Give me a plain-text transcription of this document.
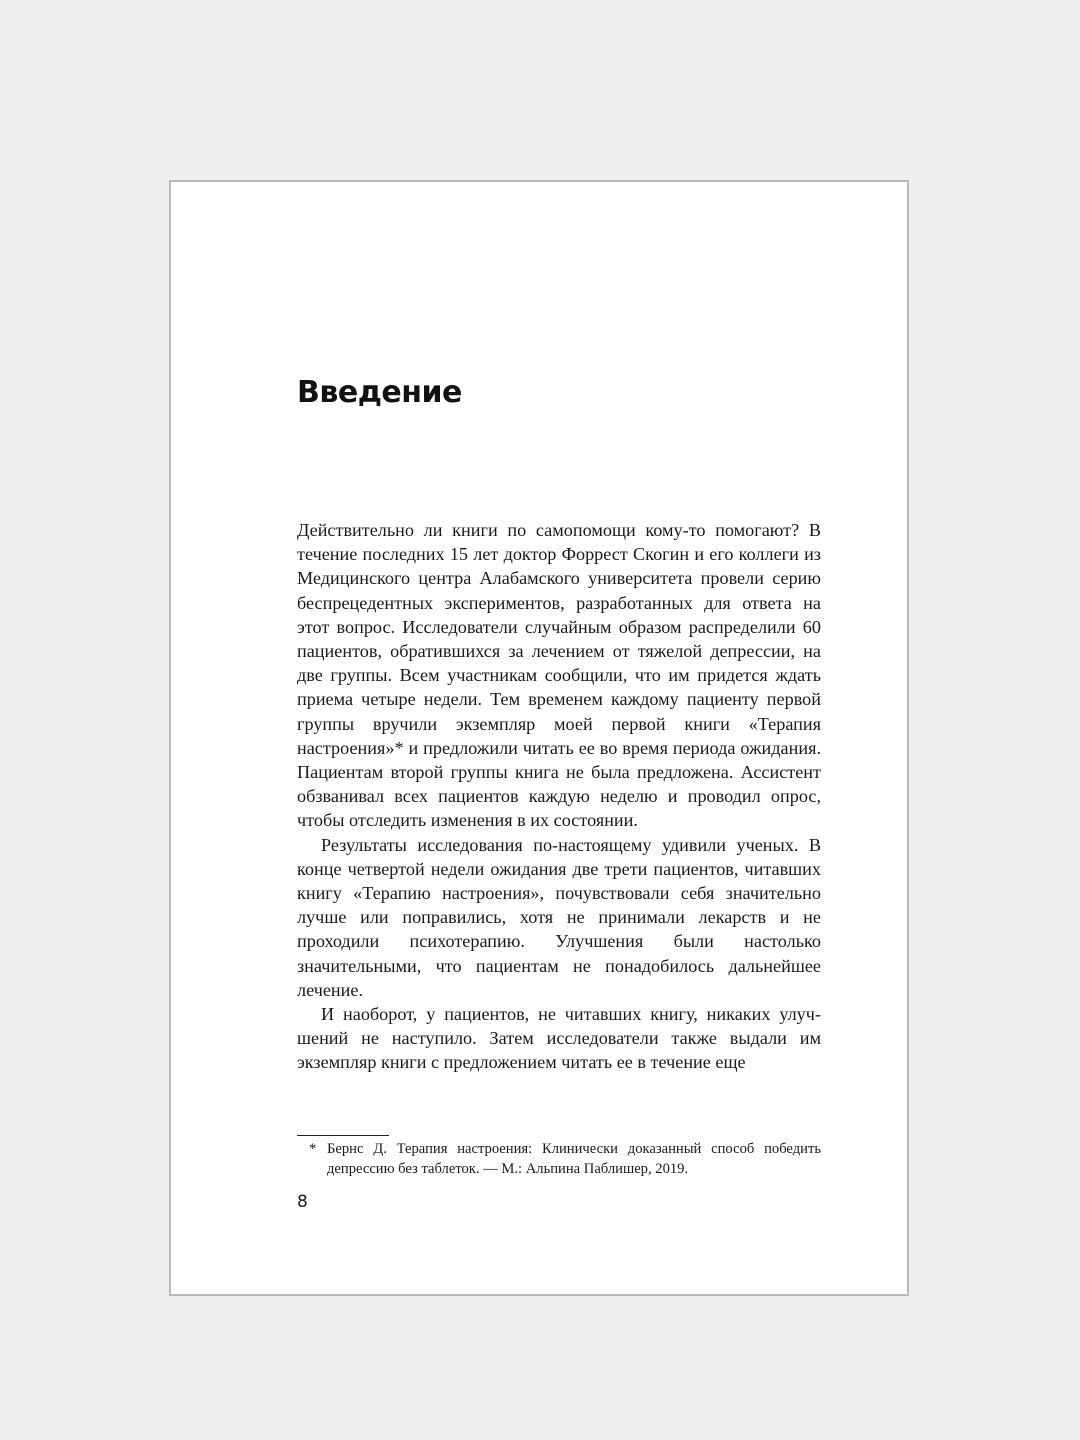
Введение

Действительно ли книги по самопомощи кому-то помогают? В течение последних 15 лет доктор Форрест Скогин и его коллеги из Медицинского центра Алабамского университета провели серию беспрецедентных экспериментов, разработанных для ответа на этот вопрос. Исследователи случайным образом распределили 60 пациентов, обратившихся за лечением от тяжелой депрессии, на две группы. Всем участникам сообщили, что им придется ждать приема четыре недели. Тем временем каждому пациенту первой группы вручили экземпляр моей первой книги «Терапия настроения»* и предложили читать ее во время периода ожидания. Пациентам второй группы книга не была предложена. Ассистент обзванивал всех пациентов каждую неделю и проводил опрос, чтобы отследить изменения в их состоянии.

Результаты исследования по-настоящему удивили ученых. В конце четвертой недели ожидания две трети пациентов, читавших книгу «Терапию настроения», почувствовали себя значительно лучше или поправились, хотя не принимали лекарств и не проходили психотерапию. Улучшения были настолько значительными, что пациентам не понадобилось дальнейшее лечение.

И наоборот, у пациентов, не читавших книгу, никаких улучшений не наступило. Затем исследователи также выдали им экземпляр книги с предложением читать ее в течение еще

* Бернс Д. Терапия настроения: Клинически доказанный способ победить депрессию без таблеток. — М.: Альпина Паблишер, 2019.
8
